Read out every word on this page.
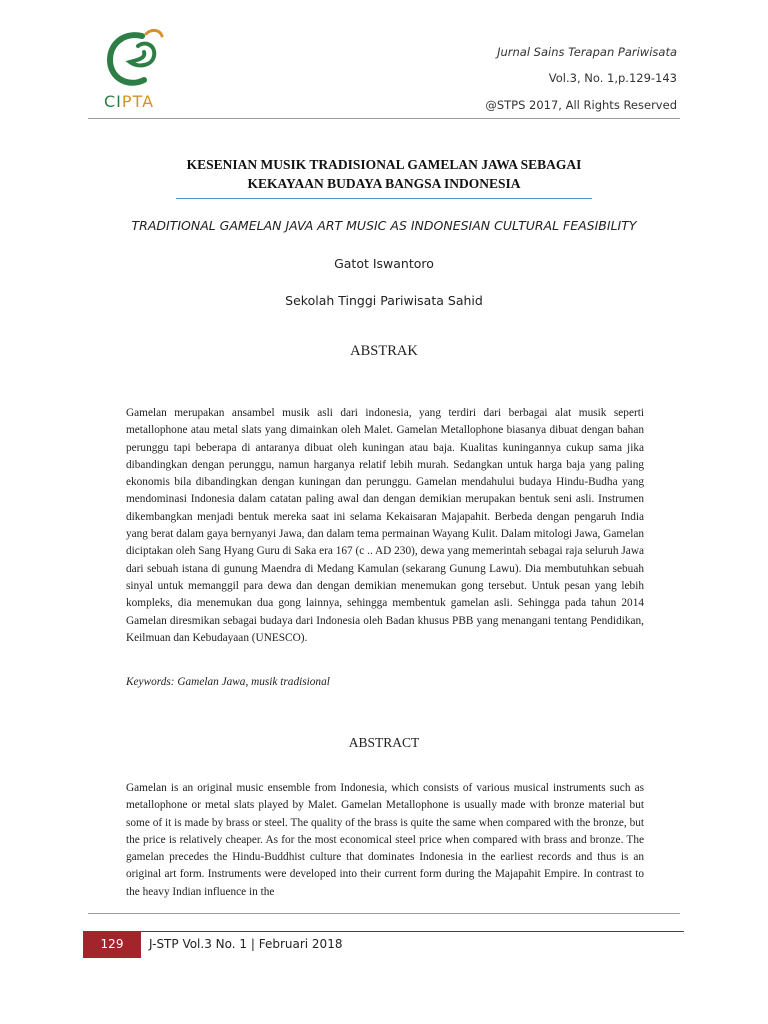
CIPTA
Jurnal Sains Terapan Pariwisata
Vol.3, No. 1,p.129-143
@STPS 2017, All Rights Reserved
KESENIAN MUSIK TRADISIONAL GAMELAN JAWA SEBAGAI
KEKAYAAN BUDAYA BANGSA INDONESIA
TRADITIONAL GAMELAN JAVA ART MUSIC AS INDONESIAN CULTURAL FEASIBILITY
Gatot Iswantoro
Sekolah Tinggi Pariwisata Sahid
ABSTRAK

Gamelan merupakan ansambel musik asli dari indonesia, yang terdiri dari berbagai alat musik seperti metallophone atau metal slats yang dimainkan oleh Malet. Gamelan Metallophone biasanya dibuat dengan bahan perunggu tapi beberapa di antaranya dibuat oleh kuningan atau baja. Kualitas kuningannya cukup sama jika dibandingkan dengan perunggu, namun harganya relatif lebih murah. Sedangkan untuk harga baja yang paling ekonomis bila dibandingkan dengan kuningan dan perunggu. Gamelan mendahului budaya Hindu-Budha yang mendominasi Indonesia dalam catatan paling awal dan dengan demikian merupakan bentuk seni asli. Instrumen dikembangkan menjadi bentuk mereka saat ini selama Kekaisaran Majapahit. Berbeda dengan pengaruh India yang berat dalam gaya bernyanyi Jawa, dan dalam tema permainan Wayang Kulit. Dalam mitologi Jawa, Gamelan diciptakan oleh Sang Hyang Guru di Saka era 167 (c .. AD 230), dewa yang memerintah sebagai raja seluruh Jawa dari sebuah istana di gunung Maendra di Medang Kamulan (sekarang Gunung Lawu). Dia membutuhkan sebuah sinyal untuk memanggil para dewa dan dengan demikian menemukan gong tersebut. Untuk pesan yang lebih kompleks, dia menemukan dua gong lainnya, sehingga membentuk gamelan asli. Sehingga pada tahun 2014 Gamelan diresmikan sebagai budaya dari Indonesia oleh Badan khusus PBB yang menangani tentang Pendidikan, Keilmuan dan Kebudayaan (UNESCO).

Keywords: Gamelan Jawa, musik tradisional
ABSTRACT

Gamelan is an original music ensemble from Indonesia, which consists of various musical instruments such as metallophone or metal slats played by Malet. Gamelan Metallophone is usually made with bronze material but some of it is made by brass or steel. The quality of the brass is quite the same when compared with the bronze, but the price is relatively cheaper. As for the most economical steel price when compared with brass and bronze. The gamelan precedes the Hindu-Buddhist culture that dominates Indonesia in the earliest records and thus is an original art form. Instruments were developed into their current form during the Majapahit Empire. In contrast to the heavy Indian influence in the

129	J-STP Vol.3 No. 1 | Februari 2018
